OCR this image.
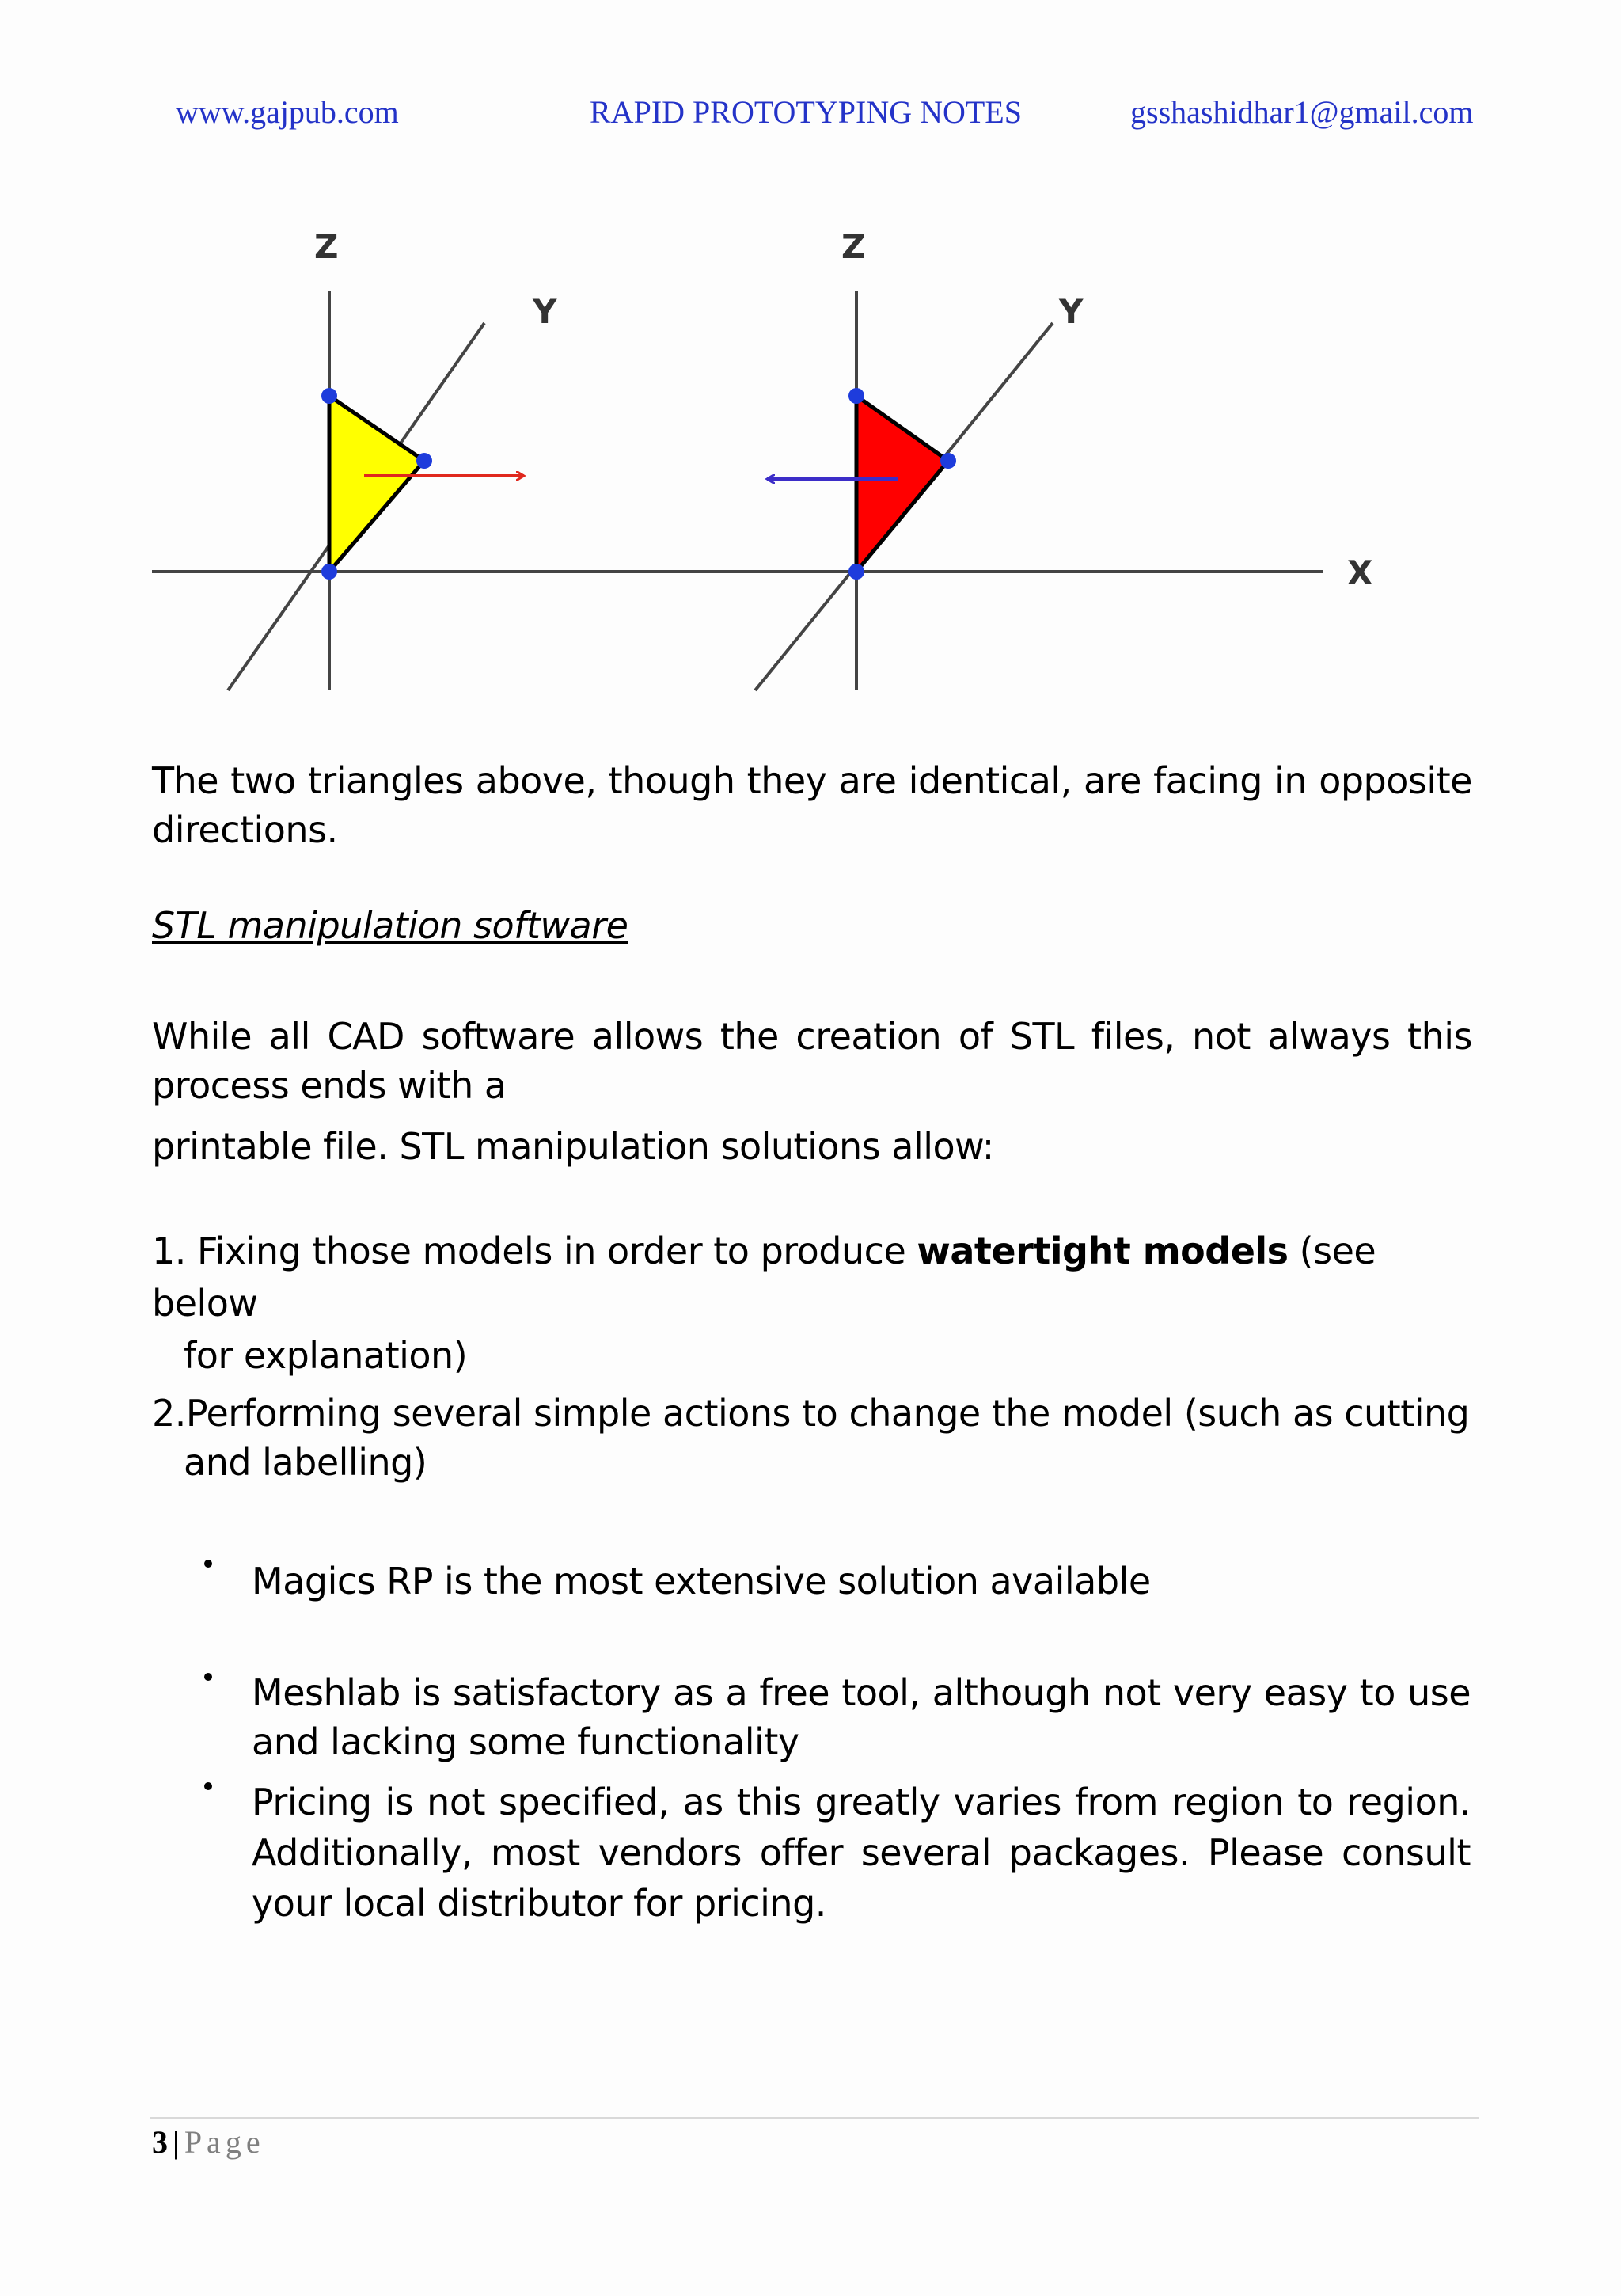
www.gajpub.com	RAPID PROTOTYPING NOTES	gsshashidhar1@gmail.com
X
Z
Y
Z
Y
The two triangles above, though they are identical, are facing in opposite directions.
STL manipulation software
While all CAD software allows the creation of STL files, not always this process ends with a
printable file. STL manipulation solutions allow:
1. Fixing those models in order to produce watertight models (see below
for explanation)
2.Performing several simple actions to change the model (such as cutting
and labelling)
Magics RP is the most extensive solution available
Meshlab is satisfactory as a free tool, although not very easy to use and lacking some functionality
Pricing is not specified, as this greatly varies from region to region. Additionally, most vendors offer several packages. Please consult your local distributor for pricing.
3 | Page
